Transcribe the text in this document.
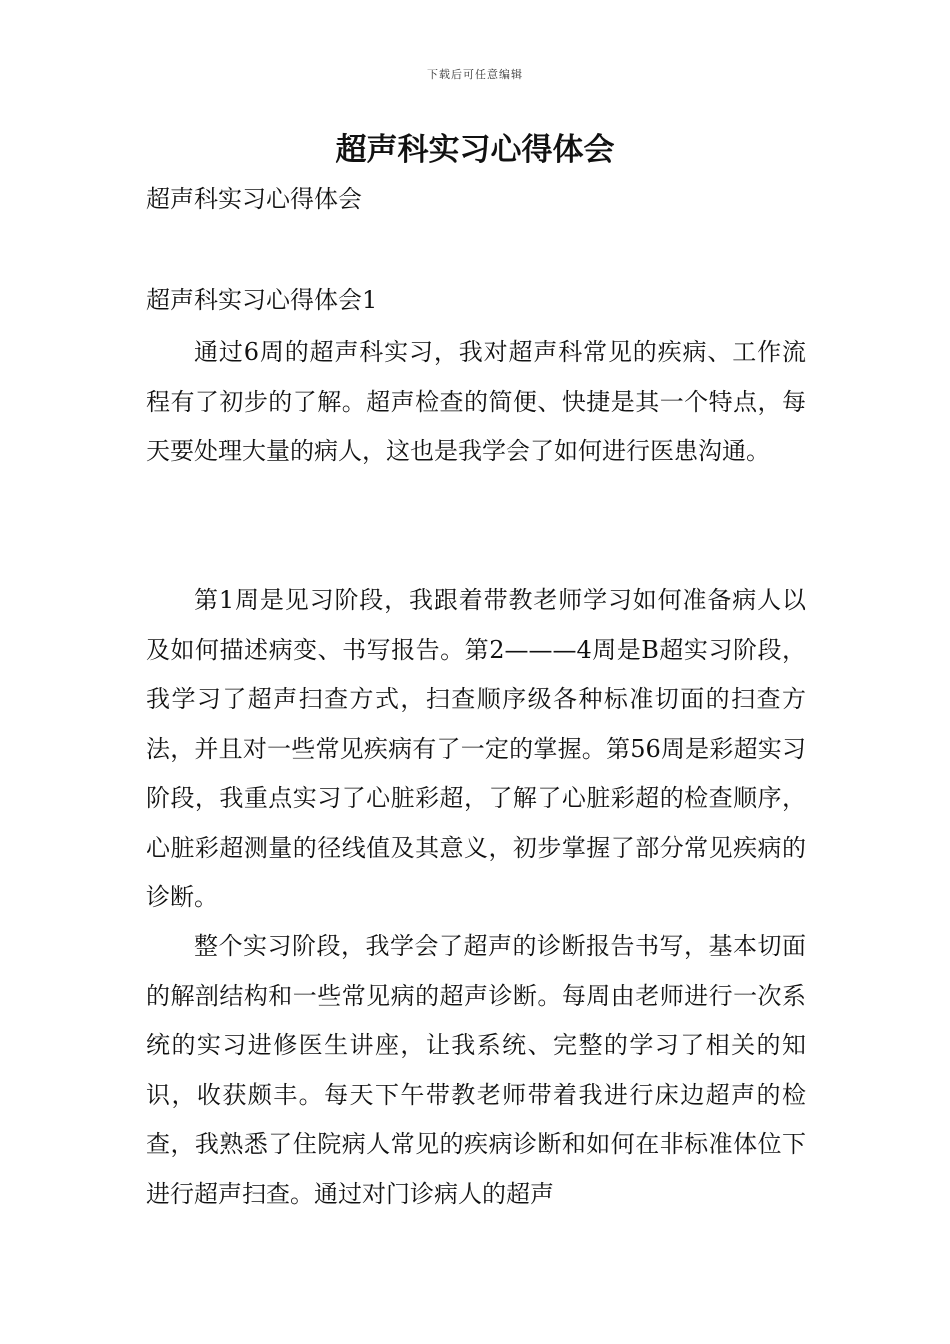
下载后可任意编辑
超声科实习心得体会

超声科实习心得体会

超声科实习心得体会1

通过6周的超声科实习，我对超声科常见的疾病、工作流程有了初步的了解。超声检查的简便、快捷是其一个特点，每天要处理大量的病人，这也是我学会了如何进行医患沟通。

第1周是见习阶段，我跟着带教老师学习如何准备病人以及如何描述病变、书写报告。第2———4周是B超实习阶段，我学习了超声扫查方式，扫查顺序级各种标准切面的扫查方法，并且对一些常见疾病有了一定的掌握。第56周是彩超实习阶段，我重点实习了心脏彩超，了解了心脏彩超的检查顺序，心脏彩超测量的径线值及其意义，初步掌握了部分常见疾病的诊断。

整个实习阶段，我学会了超声的诊断报告书写，基本切面的解剖结构和一些常见病的超声诊断。每周由老师进行一次系统的实习进修医生讲座，让我系统、完整的学习了相关的知识，收获颇丰。每天下午带教老师带着我进行床边超声的检查，我熟悉了住院病人常见的疾病诊断和如何在非标准体位下进行超声扫查。通过对门诊病人的超声
